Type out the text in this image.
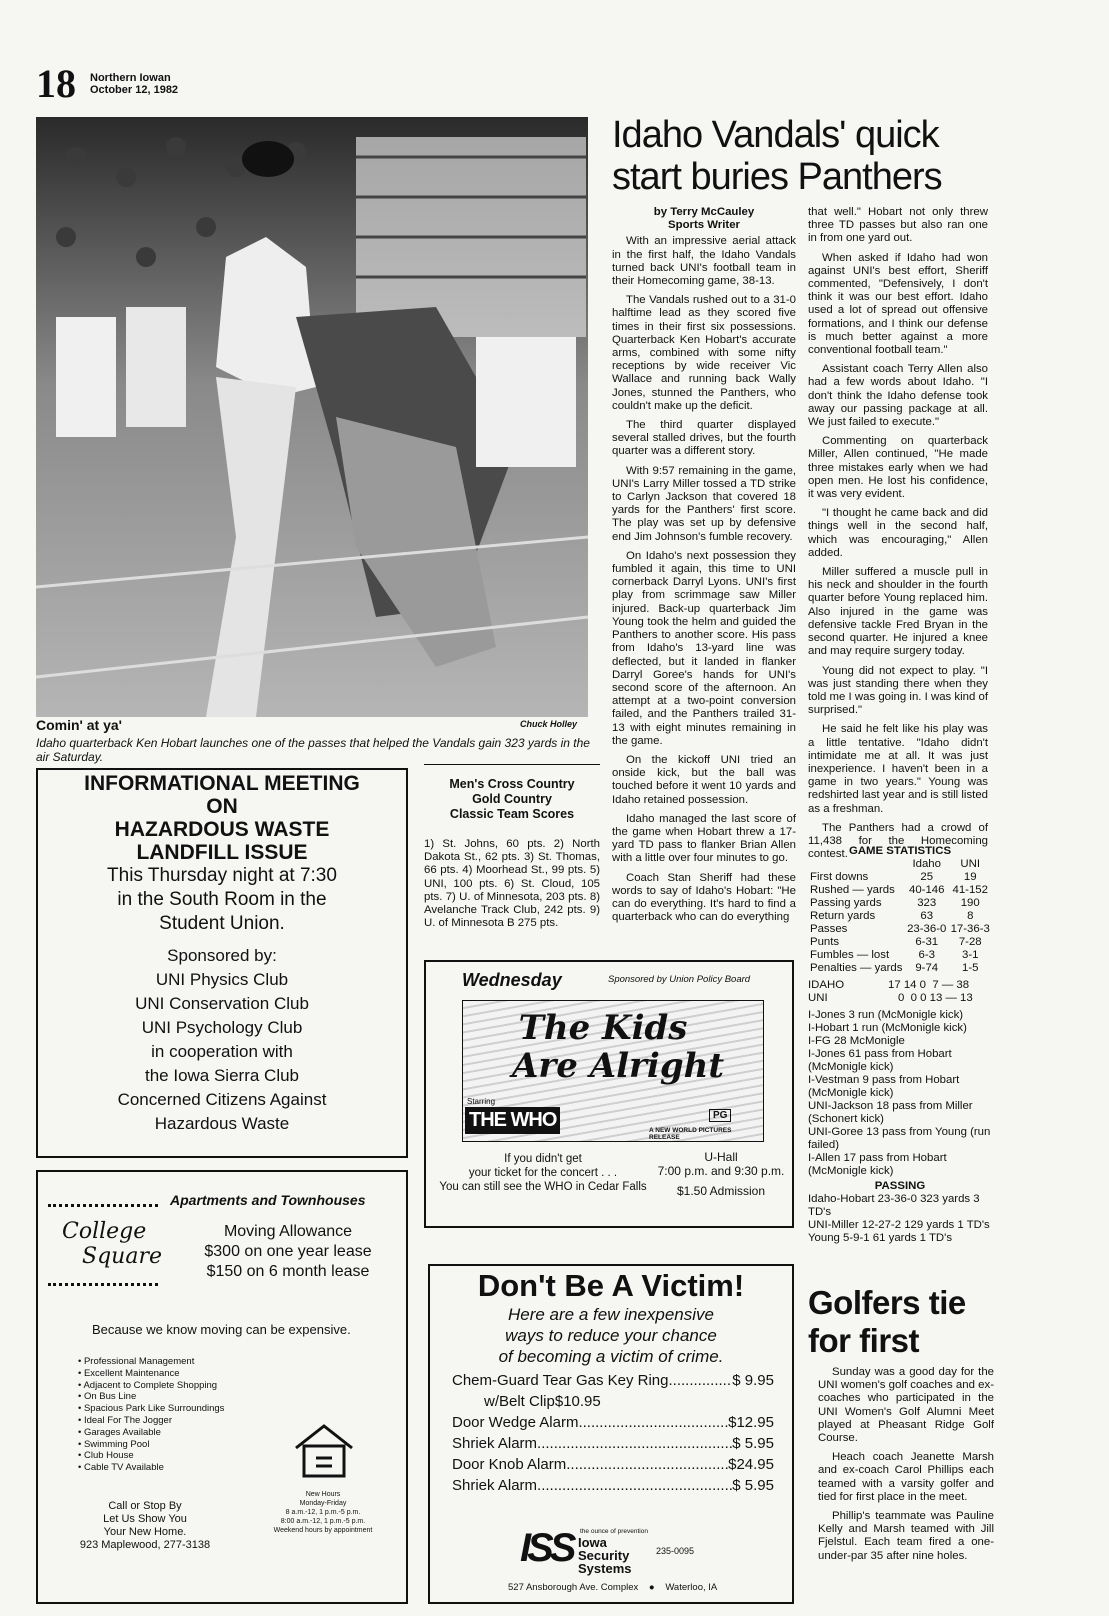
18 Northern Iowan
October 12, 1982
Chuck Holley
Comin' at ya'
Idaho quarterback Ken Hobart launches one of the passes that helped the Vandals gain 323 yards in the air Saturday.
Idaho Vandals' quick start buries Panthers
by Terry McCauley
Sports Writer

With an impressive aerial attack in the first half, the Idaho Vandals turned back UNI's football team in their Homecoming game, 38-13.

The Vandals rushed out to a 31-0 halftime lead as they scored five times in their first six possessions. Quarterback Ken Hobart's accurate arms, combined with some nifty receptions by wide receiver Vic Wallace and running back Wally Jones, stunned the Panthers, who couldn't make up the deficit.

The third quarter displayed several stalled drives, but the fourth quarter was a different story.

With 9:57 remaining in the game, UNI's Larry Miller tossed a TD strike to Carlyn Jackson that covered 18 yards for the Panthers' first score. The play was set up by defensive end Jim Johnson's fumble recovery.

On Idaho's next possession they fumbled it again, this time to UNI cornerback Darryl Lyons. UNI's first play from scrimmage saw Miller injured. Back-up quarterback Jim Young took the helm and guided the Panthers to another score. His pass from Idaho's 13-yard line was deflected, but it landed in flanker Darryl Goree's hands for UNI's second score of the afternoon. An attempt at a two-point conversion failed, and the Panthers trailed 31-13 with eight minutes remaining in the game.

On the kickoff UNI tried an onside kick, but the ball was touched before it went 10 yards and Idaho retained possession.

Idaho managed the last score of the game when Hobart threw a 17-yard TD pass to flanker Brian Allen with a little over four minutes to go.

Coach Stan Sheriff had these words to say of Idaho's Hobart: "He can do everything. It's hard to find a quarterback who can do everything

that well." Hobart not only threw three TD passes but also ran one in from one yard out.

When asked if Idaho had won against UNI's best effort, Sheriff commented, "Defensively, I don't think it was our best effort. Idaho used a lot of spread out offensive formations, and I think our defense is much better against a more conventional football team."

Assistant coach Terry Allen also had a few words about Idaho. "I don't think the Idaho defense took away our passing package at all. We just failed to execute."

Commenting on quarterback Miller, Allen continued, "He made three mistakes early when we had open men. He lost his confidence, it was very evident.

"I thought he came back and did things well in the second half, which was encouraging," Allen added.

Miller suffered a muscle pull in his neck and shoulder in the fourth quarter before Young replaced him. Also injured in the game was defensive tackle Fred Bryan in the second quarter. He injured a knee and may require surgery today.

Young did not expect to play. "I was just standing there when they told me I was going in. I was kind of surprised."

He said he felt like his play was a little tentative. "Idaho didn't intimidate me at all. It was just inexperience. I haven't been in a game in two years." Young was redshirted last year and is still listed as a freshman.

The Panthers had a crowd of 11,438 for the Homecoming contest. GAME STATISTICS
	Idaho	UNI
First downs	25	19
Rushed — yards	40-146	41-152
Passing yards	323	190
Return yards	63	8
Passes	23-36-0	17-36-3
Punts	6-31	7-28
Fumbles — lost	6-3	3-1
Penalties — yards	9-74	1-5
IDAHO	17 14 0  7 — 38
UNI	0  0 0 13 — 13
I-Jones 3 run (McMonigle kick)
I-Hobart 1 run (McMonigle kick)
I-FG 28 McMonigle
I-Jones 61 pass from Hobart (McMonigle kick)
I-Vestman 9 pass from Hobart (McMonigle kick)
UNI-Jackson 18 pass from Miller (Schonert kick)
UNI-Goree 13 pass from Young (run failed)
I-Allen 17 pass from Hobart (McMonigle kick)
PASSING
Idaho-Hobart 23-36-0 323 yards 3 TD's
UNI-Miller 12-27-2 129 yards 1 TD's
Young 5-9-1 61 yards 1 TD's
Golfers tie for first

Sunday was a good day for the UNI women's golf coaches and ex-coaches who participated in the UNI Women's Golf Alumni Meet played at Pheasant Ridge Golf Course.

Heach coach Jeanette Marsh and ex-coach Carol Phillips each teamed with a varsity golfer and tied for first place in the meet.

Phillip's teammate was Pauline Kelly and Marsh teamed with Jill Fjelstul. Each team fired a one-under-par 35 after nine holes.

Men's Cross Country
Gold Country
Classic Team Scores
1) St. Johns, 60 pts. 2) North Dakota St., 62 pts. 3) St. Thomas, 66 pts. 4) Moorhead St., 99 pts. 5) UNI, 100 pts. 6) St. Cloud, 105 pts. 7) U. of Minnesota, 203 pts. 8) Avelanche Track Club, 242 pts. 9) U. of Minnesota B 275 pts.
INFORMATIONAL MEETING
ON
HAZARDOUS WASTE
LANDFILL ISSUE
This Thursday night at 7:30
in the South Room in the
Student Union.
Sponsored by:
UNI Physics Club
UNI Conservation Club
UNI Psychology Club
in cooperation with
the Iowa Sierra Club
Concerned Citizens Against
Hazardous Waste
Apartments and Townhouses
College
Square
Moving Allowance
$300 on one year lease
$150 on 6 month lease
Because we know moving can be expensive.
• Professional Management
• Excellent Maintenance
• Adjacent to Complete Shopping
• On Bus Line
• Spacious Park Like Surroundings
• Ideal For The Jogger
• Garages Available
• Swimming Pool
• Club House
• Cable TV Available
Call or Stop By
Let Us Show You
Your New Home.
923 Maplewood, 277-3138
New Hours
Monday-Friday
8 a.m.-12, 1 p.m.-5 p.m.
8:00 a.m.-12, 1 p.m.-5 p.m.
Weekend hours by appointment
Wednesday	Sponsored by Union Policy Board
The Kids
Are Alright
Starring
THE WHO	PG
A NEW WORLD PICTURES RELEASE
If you didn't get
your ticket for the concert . . .
You can still see the WHO in Cedar Falls
U-Hall
7:00 p.m. and 9:30 p.m.
$1.50 Admission
Don't Be A Victim!
Here are a few inexpensive
ways to reduce your chance
of becoming a victim of crime.
Chem-Guard Tear Gas Key Ring .....	$ 9.95
w/Belt Clip$10.95
Door Wedge Alarm .....	$12.95
Shriek Alarm .....	$ 5.95
Door Knob Alarm .....	$24.95
Shriek Alarm .....	$ 5.95
ISS the ounce of prevention
Iowa
Security
Systems
235-0095
527 Ansborough Ave. Complex ● Waterloo, IA
